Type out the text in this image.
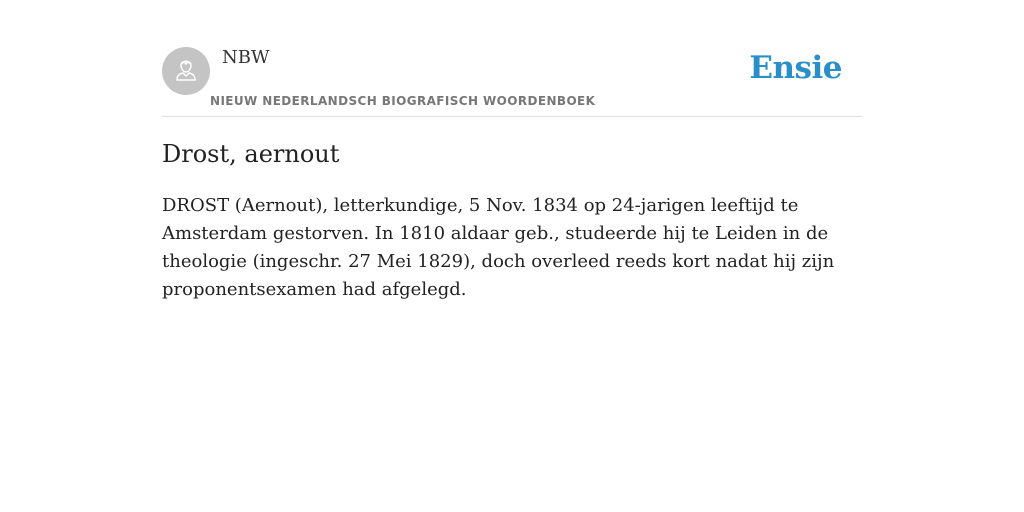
NBW
NIEUW NEDERLANDSCH BIOGRAFISCH WOORDENBOEK
Ensie
Drost, aernout

DROST (Aernout), letterkundige, 5 Nov. 1834 op 24-jarigen leeftijd te Amsterdam gestorven. In 1810 aldaar geb., studeerde hij te Leiden in de theologie (ingeschr. 27 Mei 1829), doch overleed reeds kort nadat hij zijn proponentsexamen had afgelegd.
